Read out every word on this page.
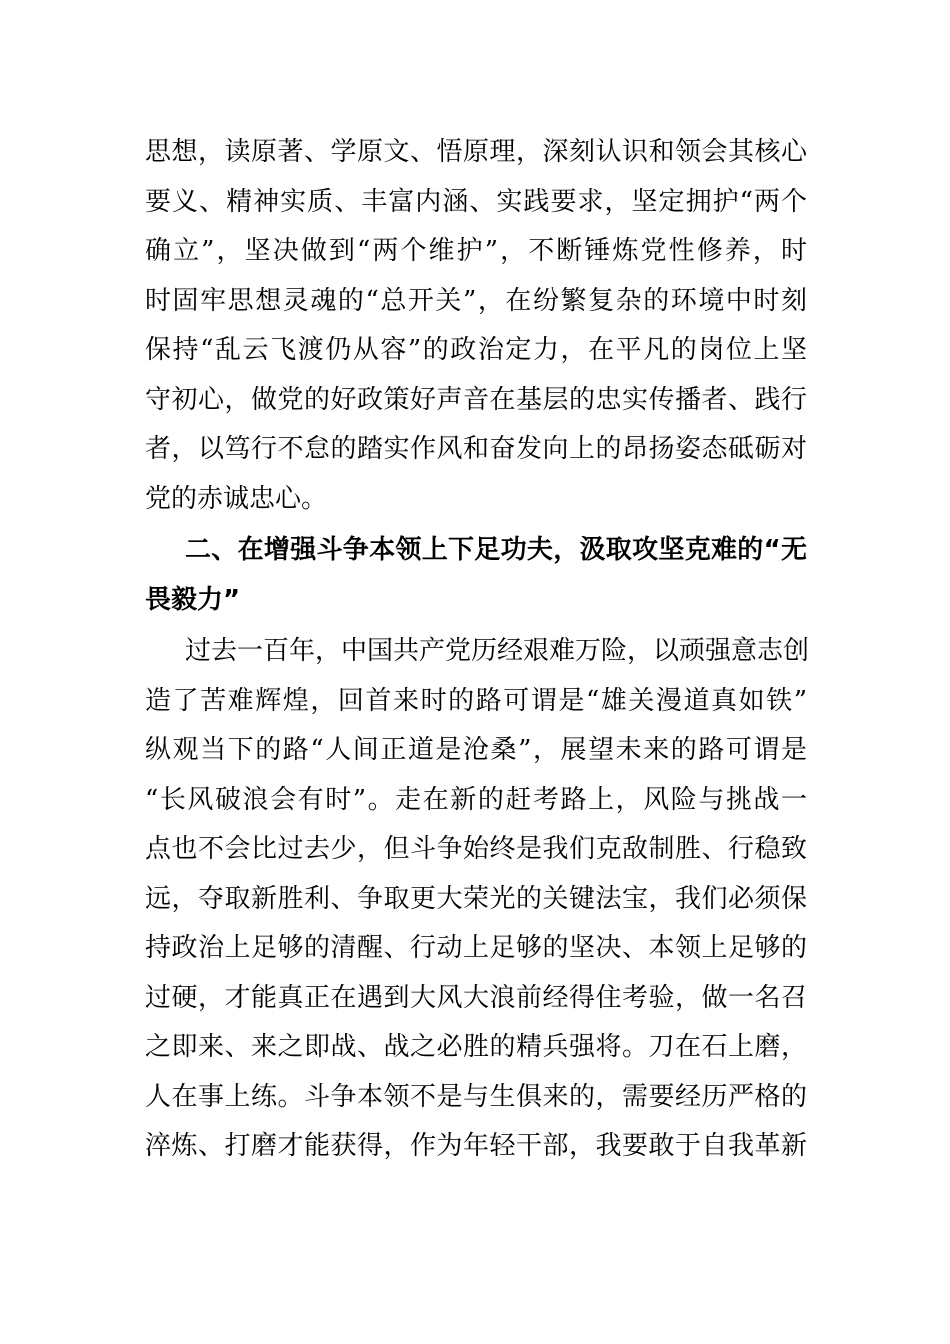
思想，读原著、学原文、悟原理，深刻认识和领会其核心
要义、精神实质、丰富内涵、实践要求，坚定拥护“两个
确立”，坚决做到“两个维护”，不断锤炼党性修养，时
时固牢思想灵魂的“总开关”，在纷繁复杂的环境中时刻
保持“乱云飞渡仍从容”的政治定力，在平凡的岗位上坚
守初心，做党的好政策好声音在基层的忠实传播者、践行
者，以笃行不怠的踏实作风和奋发向上的昂扬姿态砥砺对
党的赤诚忠心。
二、在增强斗争本领上下足功夫，汲取攻坚克难的“无
畏毅力”
过去一百年，中国共产党历经艰难万险，以顽强意志创
造了苦难辉煌，回首来时的路可谓是“雄关漫道真如铁”
纵观当下的路“人间正道是沧桑”，展望未来的路可谓是
“长风破浪会有时”。走在新的赶考路上，风险与挑战一
点也不会比过去少，但斗争始终是我们克敌制胜、行稳致
远，夺取新胜利、争取更大荣光的关键法宝，我们必须保
持政治上足够的清醒、行动上足够的坚决、本领上足够的
过硬，才能真正在遇到大风大浪前经得住考验，做一名召
之即来、来之即战、战之必胜的精兵强将。刀在石上磨，
人在事上练。斗争本领不是与生俱来的，需要经历严格的
淬炼、打磨才能获得，作为年轻干部，我要敢于自我革新
